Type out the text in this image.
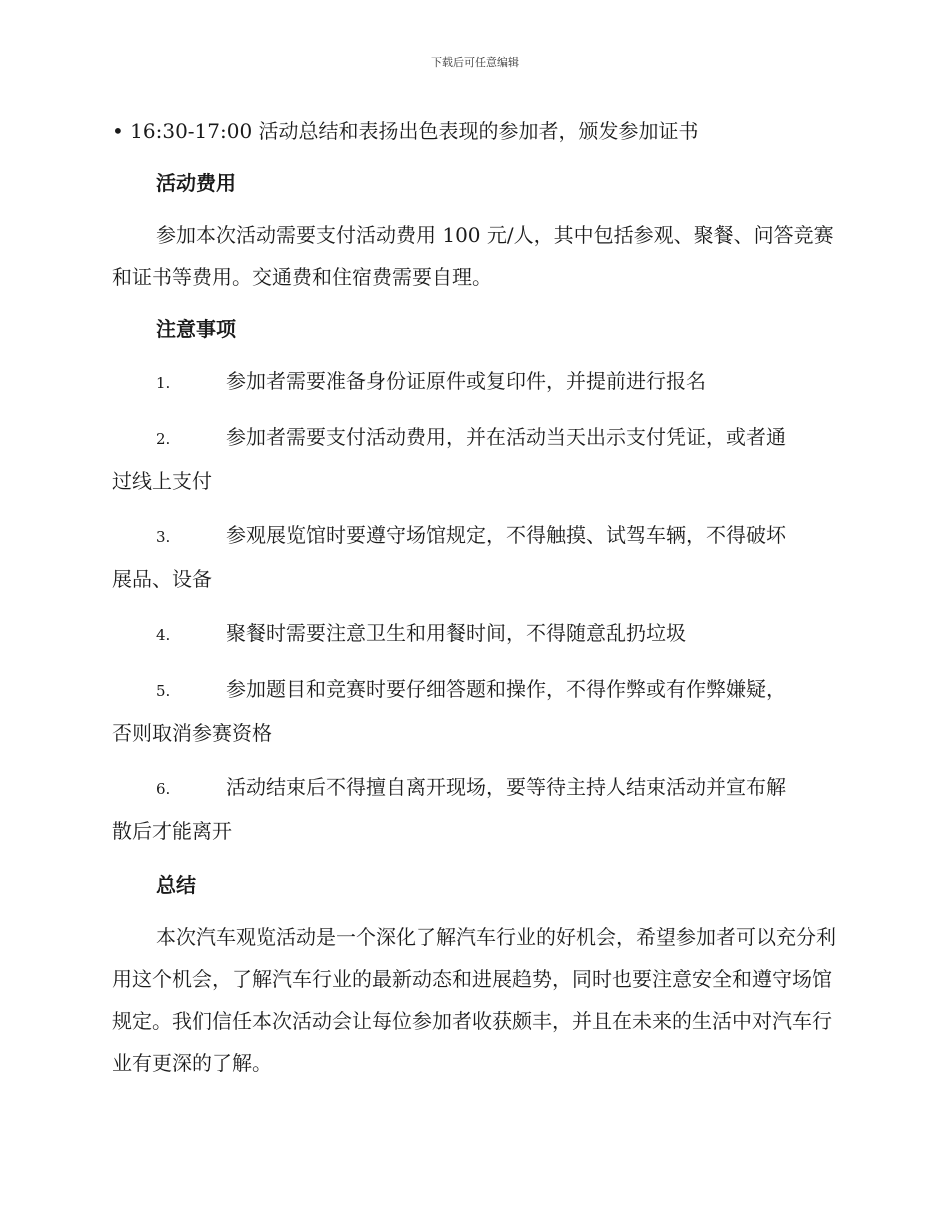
下载后可任意编辑

• 16:30-17:00 活动总结和表扬出色表现的参加者，颁发参加证书

活动费用

参加本次活动需要支付活动费用 100 元/人，其中包括参观、聚餐、问答竞赛和证书等费用。交通费和住宿费需要自理。

注意事项
1.	参加者需要准备身份证原件或复印件，并提前进行报名
2.	参加者需要支付活动费用，并在活动当天出示支付凭证，或者通
过线上支付
3.	参观展览馆时要遵守场馆规定，不得触摸、试驾车辆，不得破坏
展品、设备
4.	聚餐时需要注意卫生和用餐时间，不得随意乱扔垃圾
5.	参加题目和竞赛时要仔细答题和操作，不得作弊或有作弊嫌疑，
否则取消参赛资格
6.	活动结束后不得擅自离开现场，要等待主持人结束活动并宣布解
散后才能离开
总结

本次汽车观览活动是一个深化了解汽车行业的好机会，希望参加者可以充分利用这个机会，了解汽车行业的最新动态和进展趋势，同时也要注意安全和遵守场馆规定。我们信任本次活动会让每位参加者收获颇丰，并且在未来的生活中对汽车行业有更深的了解。
